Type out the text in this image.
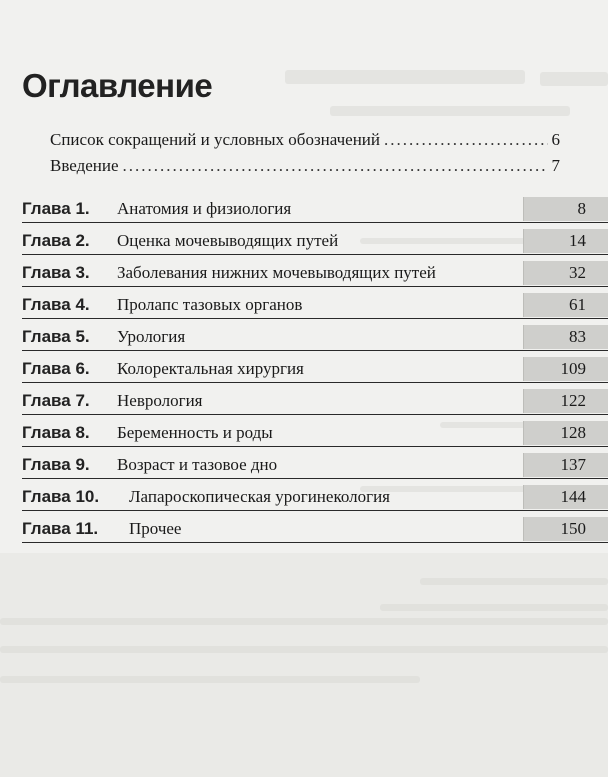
Оглавление
Список сокращений и условных обозначений .....	6
Введение .....	7
Глава 1. Анатомия и физиология	8
Глава 2. Оценка мочевыводящих путей	14
Глава 3. Заболевания нижних мочевыводящих путей	32
Глава 4. Пролапс тазовых органов	61
Глава 5. Урология	83
Глава 6. Колоректальная хирургия	109
Глава 7. Неврология	122
Глава 8. Беременность и роды	128
Глава 9. Возраст и тазовое дно	137
Глава 10. Лапароскопическая урогинекология	144
Глава 11. Прочее	150
